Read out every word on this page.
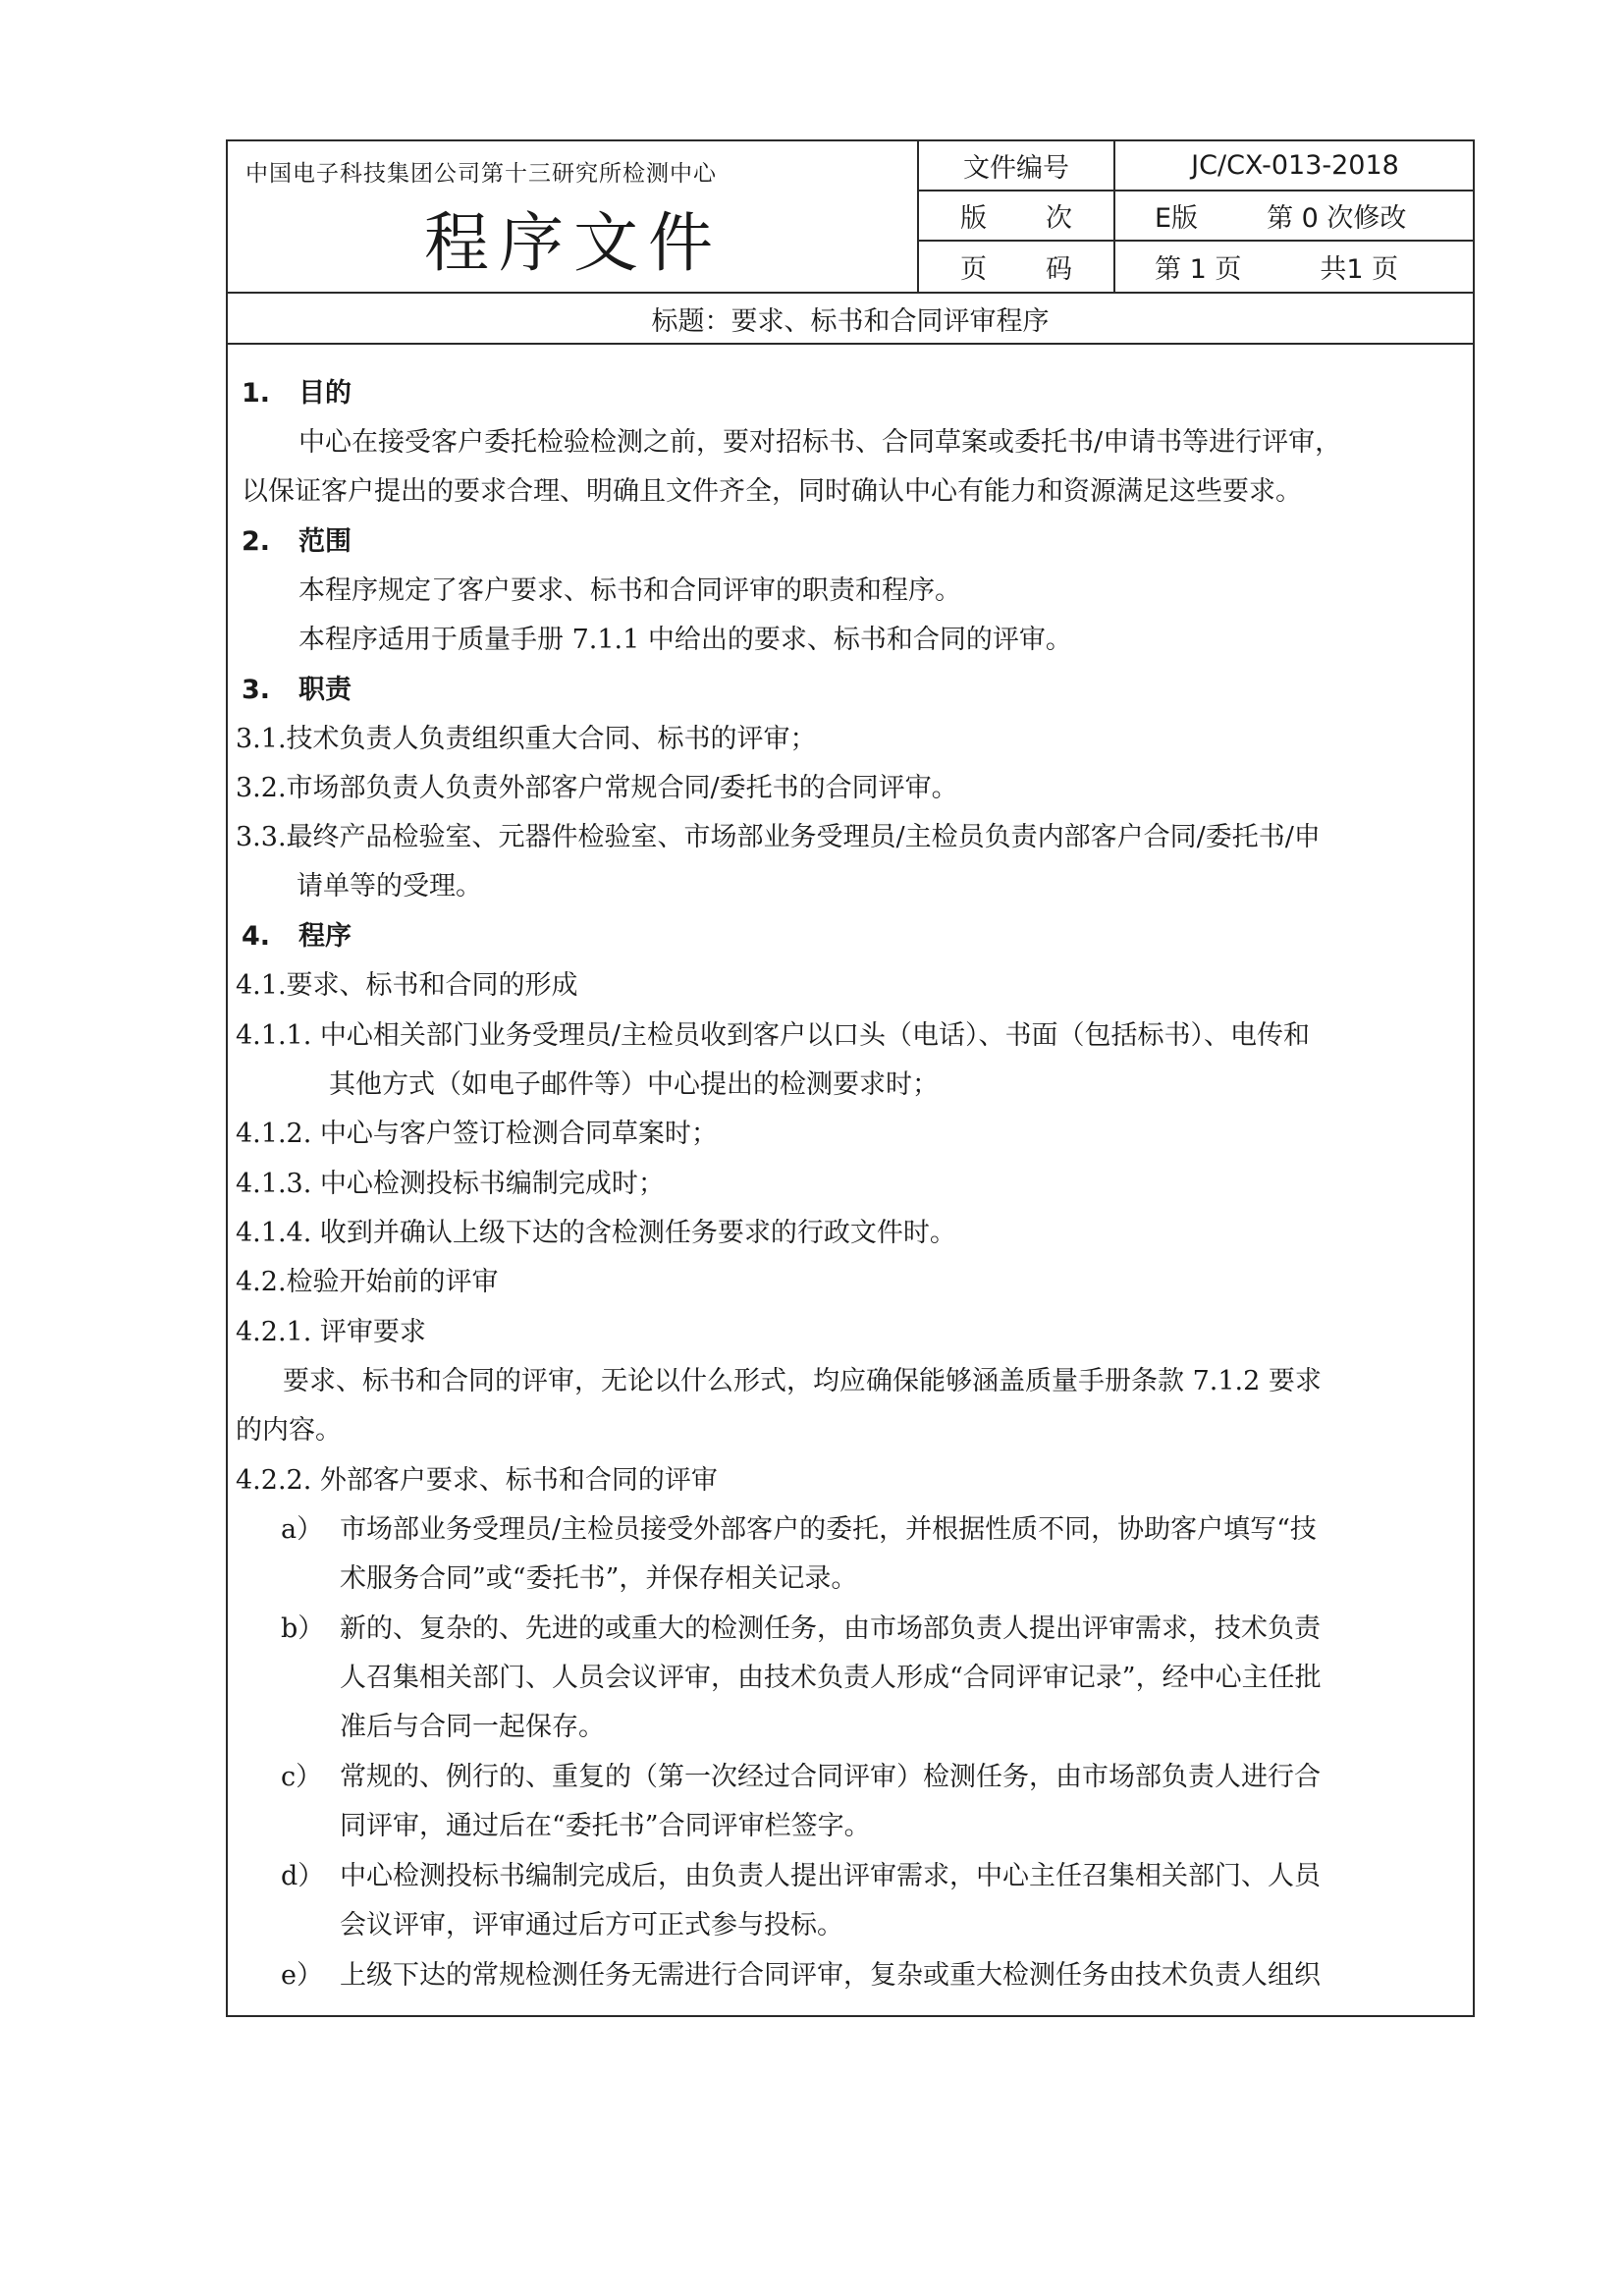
中国电子科技集团公司第十三研究所检测中心
程序文件
文件编号	JC/CX-013-2018
版 次	E版	第 0 次修改
页 码	第 1 页	共1 页
标题：要求、标书和合同评审程序
1. 目的
中心在接受客户委托检验检测之前，要对招标书、合同草案或委托书/申请书等进行评审，
以保证客户提出的要求合理、明确且文件齐全，同时确认中心有能力和资源满足这些要求。
2. 范围
本程序规定了客户要求、标书和合同评审的职责和程序。
本程序适用于质量手册 7.1.1 中给出的要求、标书和合同的评审。
3. 职责
3.1.技术负责人负责组织重大合同、标书的评审；
3.2.市场部负责人负责外部客户常规合同/委托书的合同评审。
3.3.最终产品检验室、元器件检验室、市场部业务受理员/主检员负责内部客户合同/委托书/申
请单等的受理。
4. 程序
4.1.要求、标书和合同的形成
4.1.1. 中心相关部门业务受理员/主检员收到客户以口头（电话）、书面（包括标书）、电传和
其他方式（如电子邮件等）中心提出的检测要求时；
4.1.2. 中心与客户签订检测合同草案时；
4.1.3. 中心检测投标书编制完成时；
4.1.4. 收到并确认上级下达的含检测任务要求的行政文件时。
4.2.检验开始前的评审
4.2.1. 评审要求
要求、标书和合同的评审，无论以什么形式，均应确保能够涵盖质量手册条款 7.1.2 要求
的内容。
4.2.2. 外部客户要求、标书和合同的评审
a） 市场部业务受理员/主检员接受外部客户的委托，并根据性质不同，协助客户填写“技
术服务合同”或“委托书”，并保存相关记录。
b） 新的、复杂的、先进的或重大的检测任务，由市场部负责人提出评审需求，技术负责
人召集相关部门、人员会议评审，由技术负责人形成“合同评审记录”，经中心主任批
准后与合同一起保存。
c） 常规的、例行的、重复的（第一次经过合同评审）检测任务，由市场部负责人进行合
同评审，通过后在“委托书”合同评审栏签字。
d） 中心检测投标书编制完成后，由负责人提出评审需求，中心主任召集相关部门、人员
会议评审，评审通过后方可正式参与投标。
e） 上级下达的常规检测任务无需进行合同评审，复杂或重大检测任务由技术负责人组织
